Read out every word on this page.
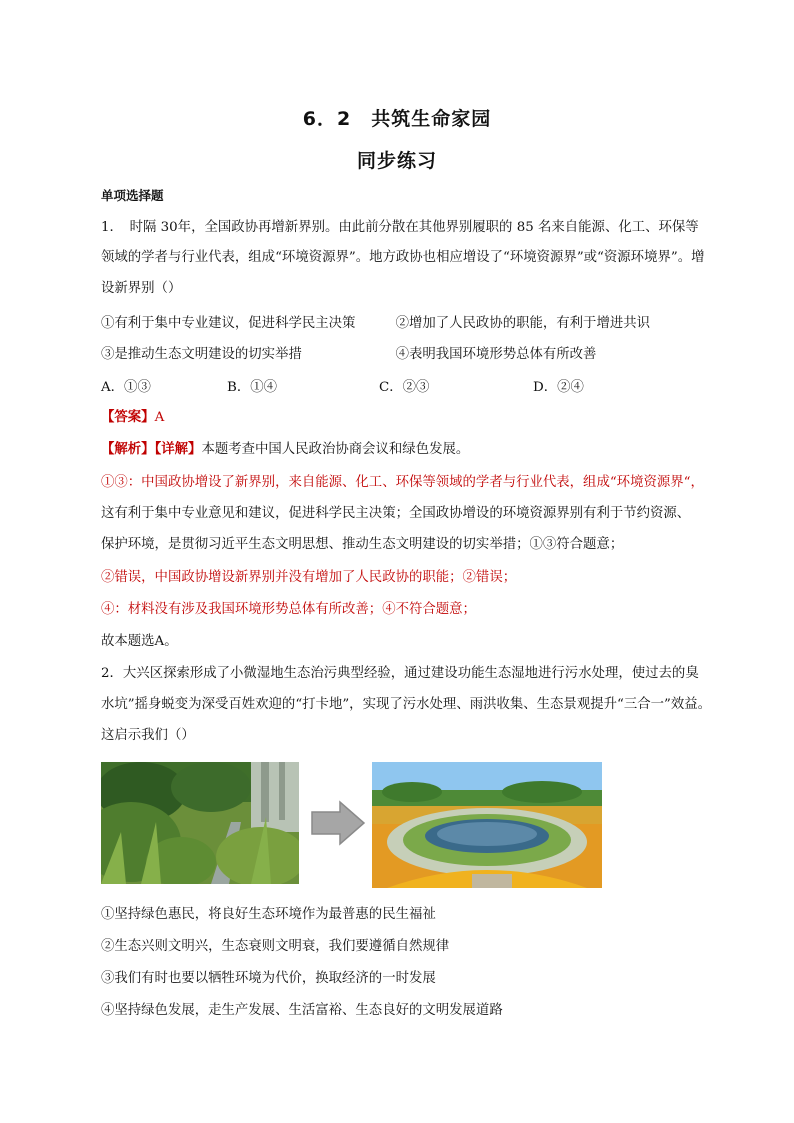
6．2　共筑生命家园
同步练习
单项选择题
1．　时隔 30年，全国政协再增新界别。由此前分散在其他界别履职的 85 名来自能源、化工、环保等
领域的学者与行业代表，组成“环境资源界”。地方政协也相应增设了“环境资源界”或“资源环境界”。增
设新界别（）
①有利于集中专业建议，促进科学民主决策　　　②增加了人民政协的职能，有利于增进共识
③是推动生态文明建设的切实举措　　　　　　　④表明我国环境形势总体有所改善
A．①③	B．①④	C．②③	D．②④
【答案】A
【解析】【详解】本题考查中国人民政治协商会议和绿色发展。
①③：中国政协增设了新界别，来自能源、化工、环保等领域的学者与行业代表，组成“环境资源界“，
这有利于集中专业意见和建议，促进科学民主决策；全国政协增设的环境资源界别有利于节约资源、
保护环境，是贯彻习近平生态文明思想、推动生态文明建设的切实举措；①③符合题意；
②错误，中国政协增设新界别并没有增加了人民政协的职能；②错误；
④：材料没有涉及我国环境形势总体有所改善；④不符合题意；
故本题选A。
2．大兴区探索形成了小微湿地生态治污典型经验，通过建设功能生态湿地进行污水处理，使过去的臭
水坑”摇身蜕变为深受百姓欢迎的“打卡地”，实现了污水处理、雨洪收集、生态景观提升“三合一”效益。
这启示我们（）
①坚持绿色惠民，将良好生态环境作为最普惠的民生福祉
②生态兴则文明兴，生态衰则文明衰，我们要遵循自然规律
③我们有时也要以牺牲环境为代价，换取经济的一时发展
④坚持绿色发展，走生产发展、生活富裕、生态良好的文明发展道路
